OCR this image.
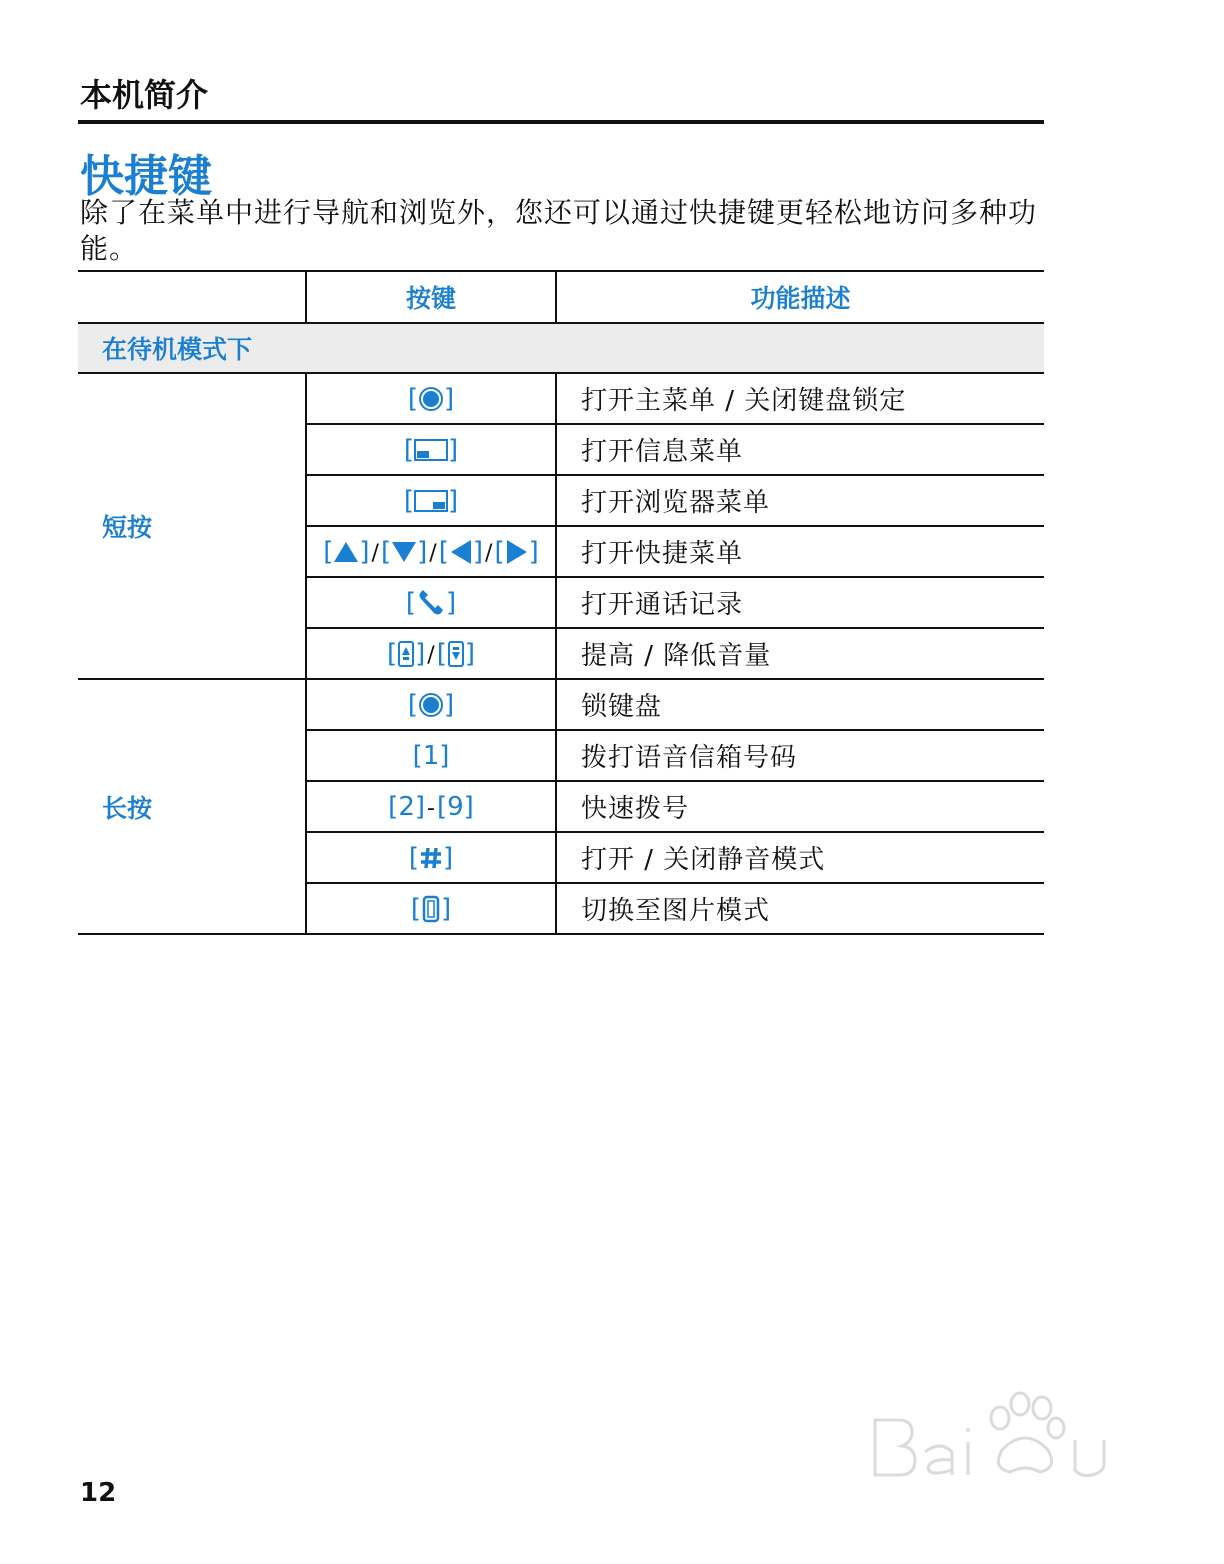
本机简介
快捷键
除了在菜单中进行导航和浏览外，您还可以通过快捷键更轻松地访问多种功能。
	按键	功能描述
在待机模式下		
短按	[ ]	打开主菜单 / 关闭键盘锁定
	[ ]	打开信息菜单
	[ ]	打开浏览器菜单
	[ ]/[ ]/[ ]/[ ]	打开快捷菜单
	[ ]	打开通话记录
	[ ]/[ ]	提高 / 降低音量
长按	[ ]	锁键盘
	[1]	拨打语音信箱号码
	[2]-[9]	快速拨号
	[ ]	打开 / 关闭静音模式
	[ ]	切换至图片模式
12
